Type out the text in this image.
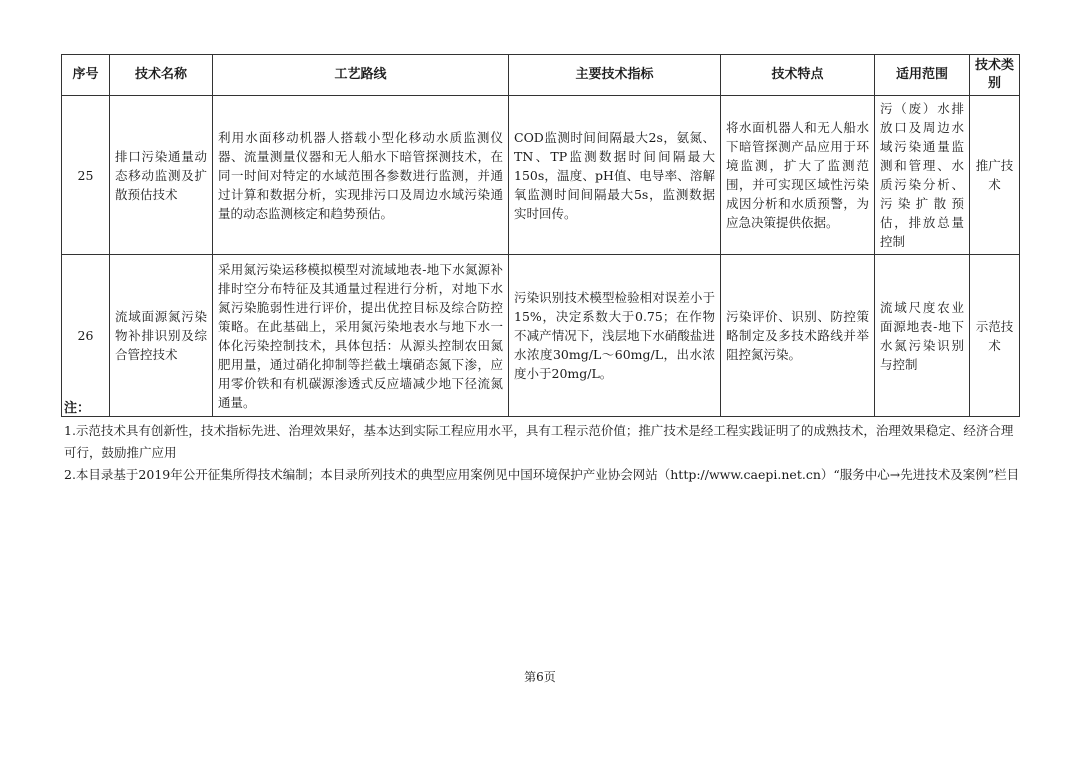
序号	技术名称	工艺路线	主要技术指标	技术特点	适用范围	技术类别
25	排口污染通量动态移动监测及扩散预估技术	利用水面移动机器人搭载小型化移动水质监测仪器、流量测量仪器和无人船水下暗管探测技术，在同一时间对特定的水域范围各参数进行监测，并通过计算和数据分析，实现排污口及周边水域污染通量的动态监测核定和趋势预估。	COD监测时间间隔最大2s，氨氮、TN、TP监测数据时间间隔最大150s，温度、pH值、电导率、溶解氧监测时间间隔最大5s，监测数据实时回传。	将水面机器人和无人船水下暗管探测产品应用于环境监测，扩大了监测范围，并可实现区域性污染成因分析和水质预警，为应急决策提供依据。	污（废）水排放口及周边水域污染通量监测和管理、水质污染分析、污染扩散预估，排放总量控制	推广技术
26	流域面源氮污染物补排识别及综合管控技术	采用氮污染运移模拟模型对流域地表-地下水氮源补排时空分布特征及其通量过程进行分析，对地下水氮污染脆弱性进行评价，提出优控目标及综合防控策略。在此基础上，采用氮污染地表水与地下水一体化污染控制技术，具体包括：从源头控制农田氮肥用量，通过硝化抑制等拦截土壤硝态氮下渗，应用零价铁和有机碳源渗透式反应墙减少地下径流氮通量。	污染识别技术模型检验相对误差小于15%，决定系数大于0.75；在作物不减产情况下，浅层地下水硝酸盐进水浓度30mg/L～60mg/L，出水浓度小于20mg/L。	污染评价、识别、防控策略制定及多技术路线并举阻控氮污染。	流域尺度农业面源地表-地下水氮污染识别与控制	示范技术
注：

1.示范技术具有创新性，技术指标先进、治理效果好，基本达到实际工程应用水平，具有工程示范价值；推广技术是经工程实践证明了的成熟技术，治理效果稳定、经济合理可行，鼓励推广应用

2.本目录基于2019年公开征集所得技术编制；本目录所列技术的典型应用案例见中国环境保护产业协会网站（http://www.caepi.net.cn）“服务中心→先进技术及案例”栏目

第6页
